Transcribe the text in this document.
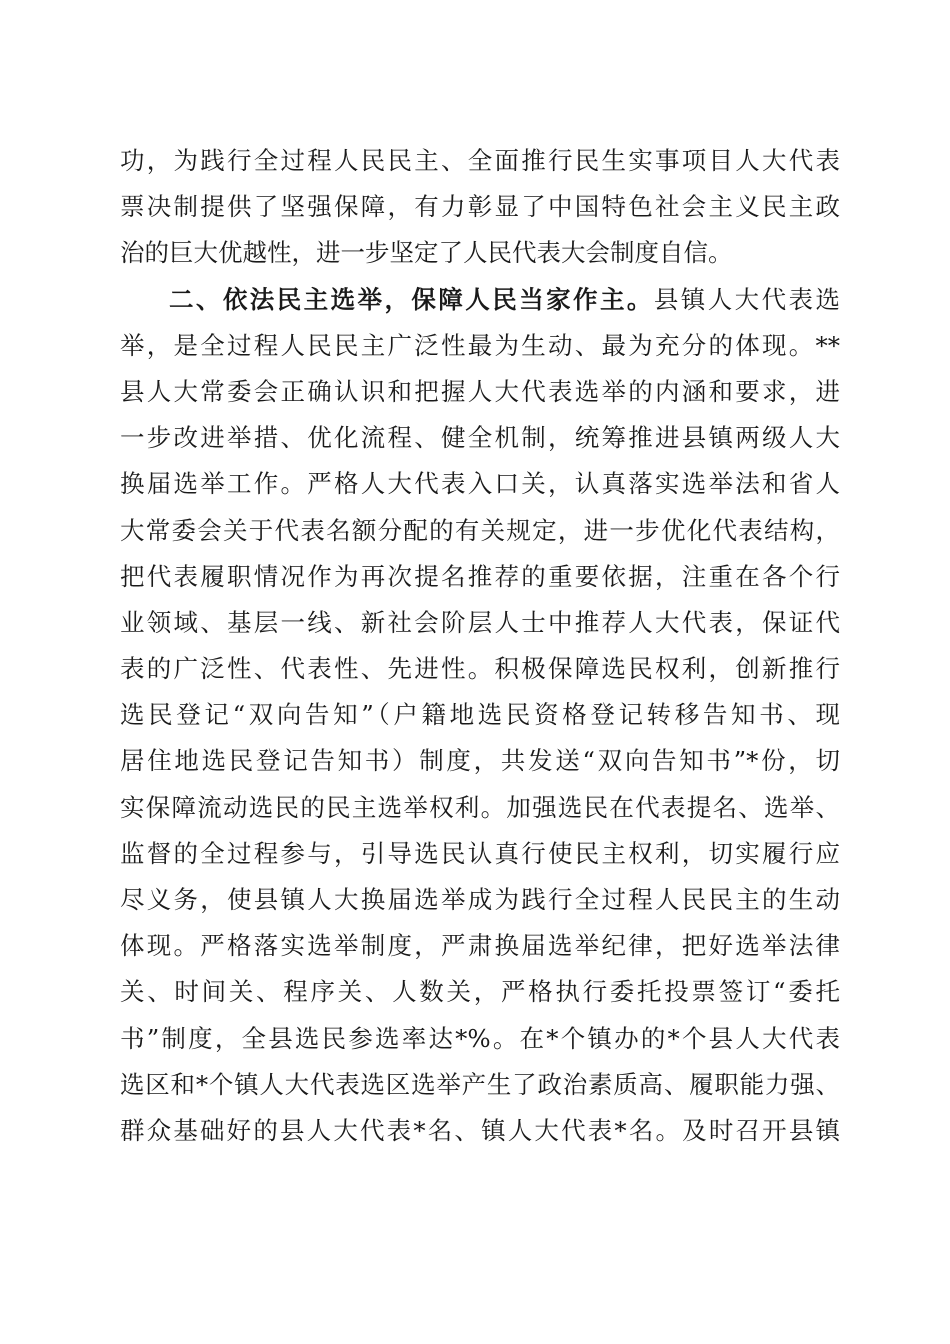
功，为践行全过程人民民主、全面推行民生实事项目人大代表
票决制提供了坚强保障，有力彰显了中国特色社会主义民主政
治的巨大优越性，进一步坚定了人民代表大会制度自信。
二、依法民主选举，保障人民当家作主。县镇人大代表选
举，是全过程人民民主广泛性最为生动、最为充分的体现。**
县人大常委会正确认识和把握人大代表选举的内涵和要求，进
一步改进举措、优化流程、健全机制，统筹推进县镇两级人大
换届选举工作。严格人大代表入口关，认真落实选举法和省人
大常委会关于代表名额分配的有关规定，进一步优化代表结构，
把代表履职情况作为再次提名推荐的重要依据，注重在各个行
业领域、基层一线、新社会阶层人士中推荐人大代表，保证代
表的广泛性、代表性、先进性。积极保障选民权利，创新推行
选民登记“双向告知”（户籍地选民资格登记转移告知书、现
居住地选民登记告知书）制度，共发送“双向告知书”*份，切
实保障流动选民的民主选举权利。加强选民在代表提名、选举、
监督的全过程参与，引导选民认真行使民主权利，切实履行应
尽义务，使县镇人大换届选举成为践行全过程人民民主的生动
体现。严格落实选举制度，严肃换届选举纪律，把好选举法律
关、时间关、程序关、人数关，严格执行委托投票签订“委托
书”制度，全县选民参选率达*%。在*个镇办的*个县人大代表
选区和*个镇人大代表选区选举产生了政治素质高、履职能力强、
群众基础好的县人大代表*名、镇人大代表*名。及时召开县镇
